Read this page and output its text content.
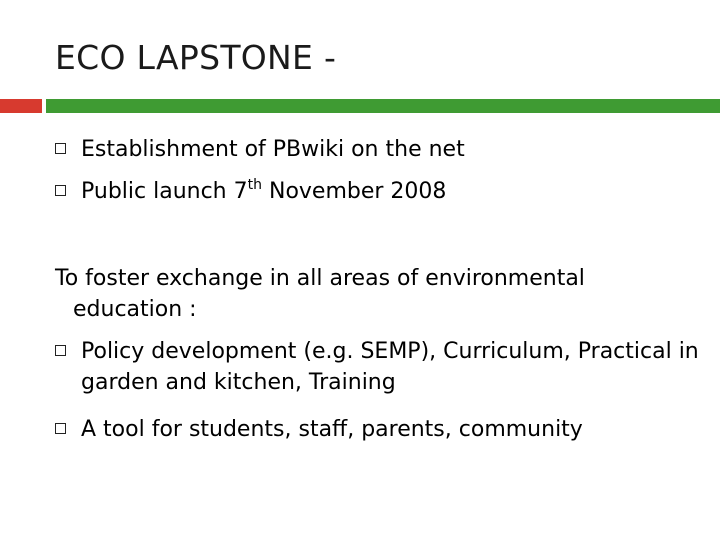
ECO LAPSTONE -
Establishment of PBwiki on the net
Public launch 7th November 2008
To foster exchange in all areas of environmental education :
Policy development (e.g. SEMP), Curriculum, Practical in garden and kitchen, Training
A tool for students, staff, parents, community
